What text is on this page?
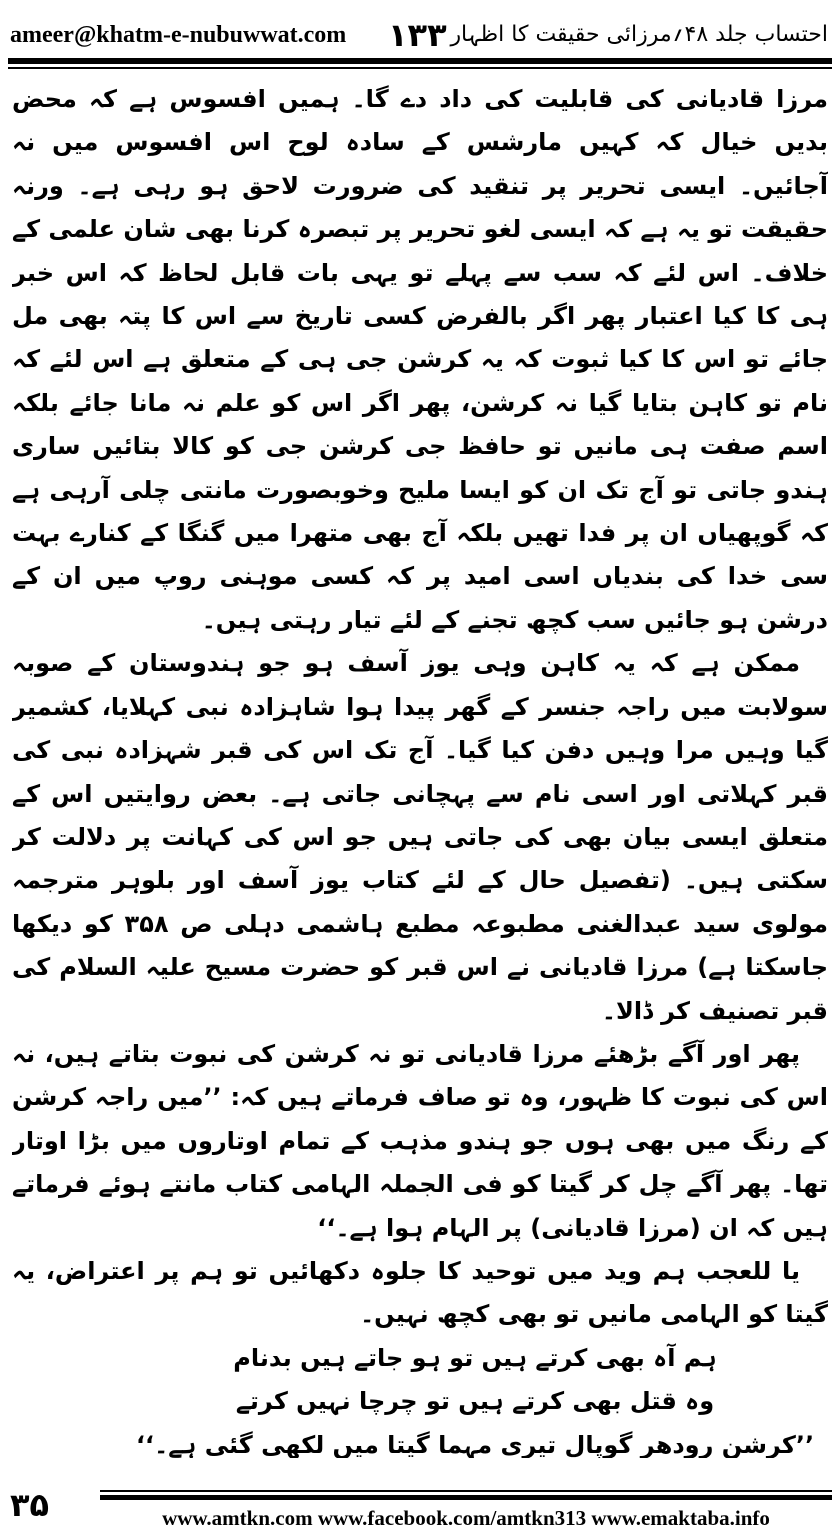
ameer@khatm-e-nubuwwat.com ۱۳۳ احتساب جلد ۴۸؍مرزائی حقیقت کا اظہار

مرزا قادیانی کی قابلیت کی داد دے گا۔ ہمیں افسوس ہے کہ محض بدیں خیال کہ کہیں مارشس کے سادہ لوح اس افسوس میں نہ آجائیں۔ ایسی تحریر پر تنقید کی ضرورت لاحق ہو رہی ہے۔ ورنہ حقیقت تو یہ ہے کہ ایسی لغو تحریر پر تبصرہ کرنا بھی شان علمی کے خلاف۔ اس لئے کہ سب سے پہلے تو یہی بات قابل لحاظ کہ اس خبر ہی کا کیا اعتبار پھر اگر بالفرض کسی تاریخ سے اس کا پتہ بھی مل جائے تو اس کا کیا ثبوت کہ یہ کرشن جی ہی کے متعلق ہے اس لئے کہ نام تو کاہن بتایا گیا نہ کرشن، پھر اگر اس کو علم نہ مانا جائے بلکہ اسم صفت ہی مانیں تو حافظ جی کرشن جی کو کالا بتائیں ساری ہندو جاتی تو آج تک ان کو ایسا ملیح وخوبصورت مانتی چلی آرہی ہے کہ گوپھیاں ان پر فدا تھیں بلکہ آج بھی متھرا میں گنگا کے کنارے بہت سی خدا کی بندیاں اسی امید پر کہ کسی موہنی روپ میں ان کے درشن ہو جائیں سب کچھ تجنے کے لئے تیار رہتی ہیں۔

ممکن ہے کہ یہ کاہن وہی یوز آسف ہو جو ہندوستان کے صوبہ سولابت میں راجہ جنسر کے گھر پیدا ہوا شاہزادہ نبی کہلایا، کشمیر گیا وہیں مرا وہیں دفن کیا گیا۔ آج تک اس کی قبر شہزادہ نبی کی قبر کہلاتی اور اسی نام سے پہچانی جاتی ہے۔ بعض روایتیں اس کے متعلق ایسی بیان بھی کی جاتی ہیں جو اس کی کہانت پر دلالت کر سکتی ہیں۔ (تفصیل حال کے لئے کتاب یوز آسف اور بلوہر مترجمہ مولوی سید عبدالغنی مطبوعہ مطبع ہاشمی دہلی ص ۳۵۸ کو دیکھا جاسکتا ہے) مرزا قادیانی نے اس قبر کو حضرت مسیح علیہ السلام کی قبر تصنیف کر ڈالا۔

پھر اور آگے بڑھئے مرزا قادیانی تو نہ کرشن کی نبوت بتاتے ہیں، نہ اس کی نبوت کا ظہور، وہ تو صاف فرماتے ہیں کہ: ’’میں راجہ کرشن کے رنگ میں بھی ہوں جو ہندو مذہب کے تمام اوتاروں میں بڑا اوتار تھا۔ پھر آگے چل کر گیتا کو فی الجملہ الہامی کتاب مانتے ہوئے فرماتے ہیں کہ ان (مرزا قادیانی) پر الہام ہوا ہے۔‘‘

یا للعجب ہم وید میں توحید کا جلوہ دکھائیں تو ہم پر اعتراض، یہ گیتا کو الہامی مانیں تو بھی کچھ نہیں۔

ہم آہ بھی کرتے ہیں تو ہو جاتے ہیں بدنام

وہ قتل بھی کرتے ہیں تو چرچا نہیں کرتے

’’کرشن رودھر گوپال تیری مہما گیتا میں لکھی گئی ہے۔‘‘

۳۵	www.amtkn.com www.facebook.com/amtkn313 www.emaktaba.info
